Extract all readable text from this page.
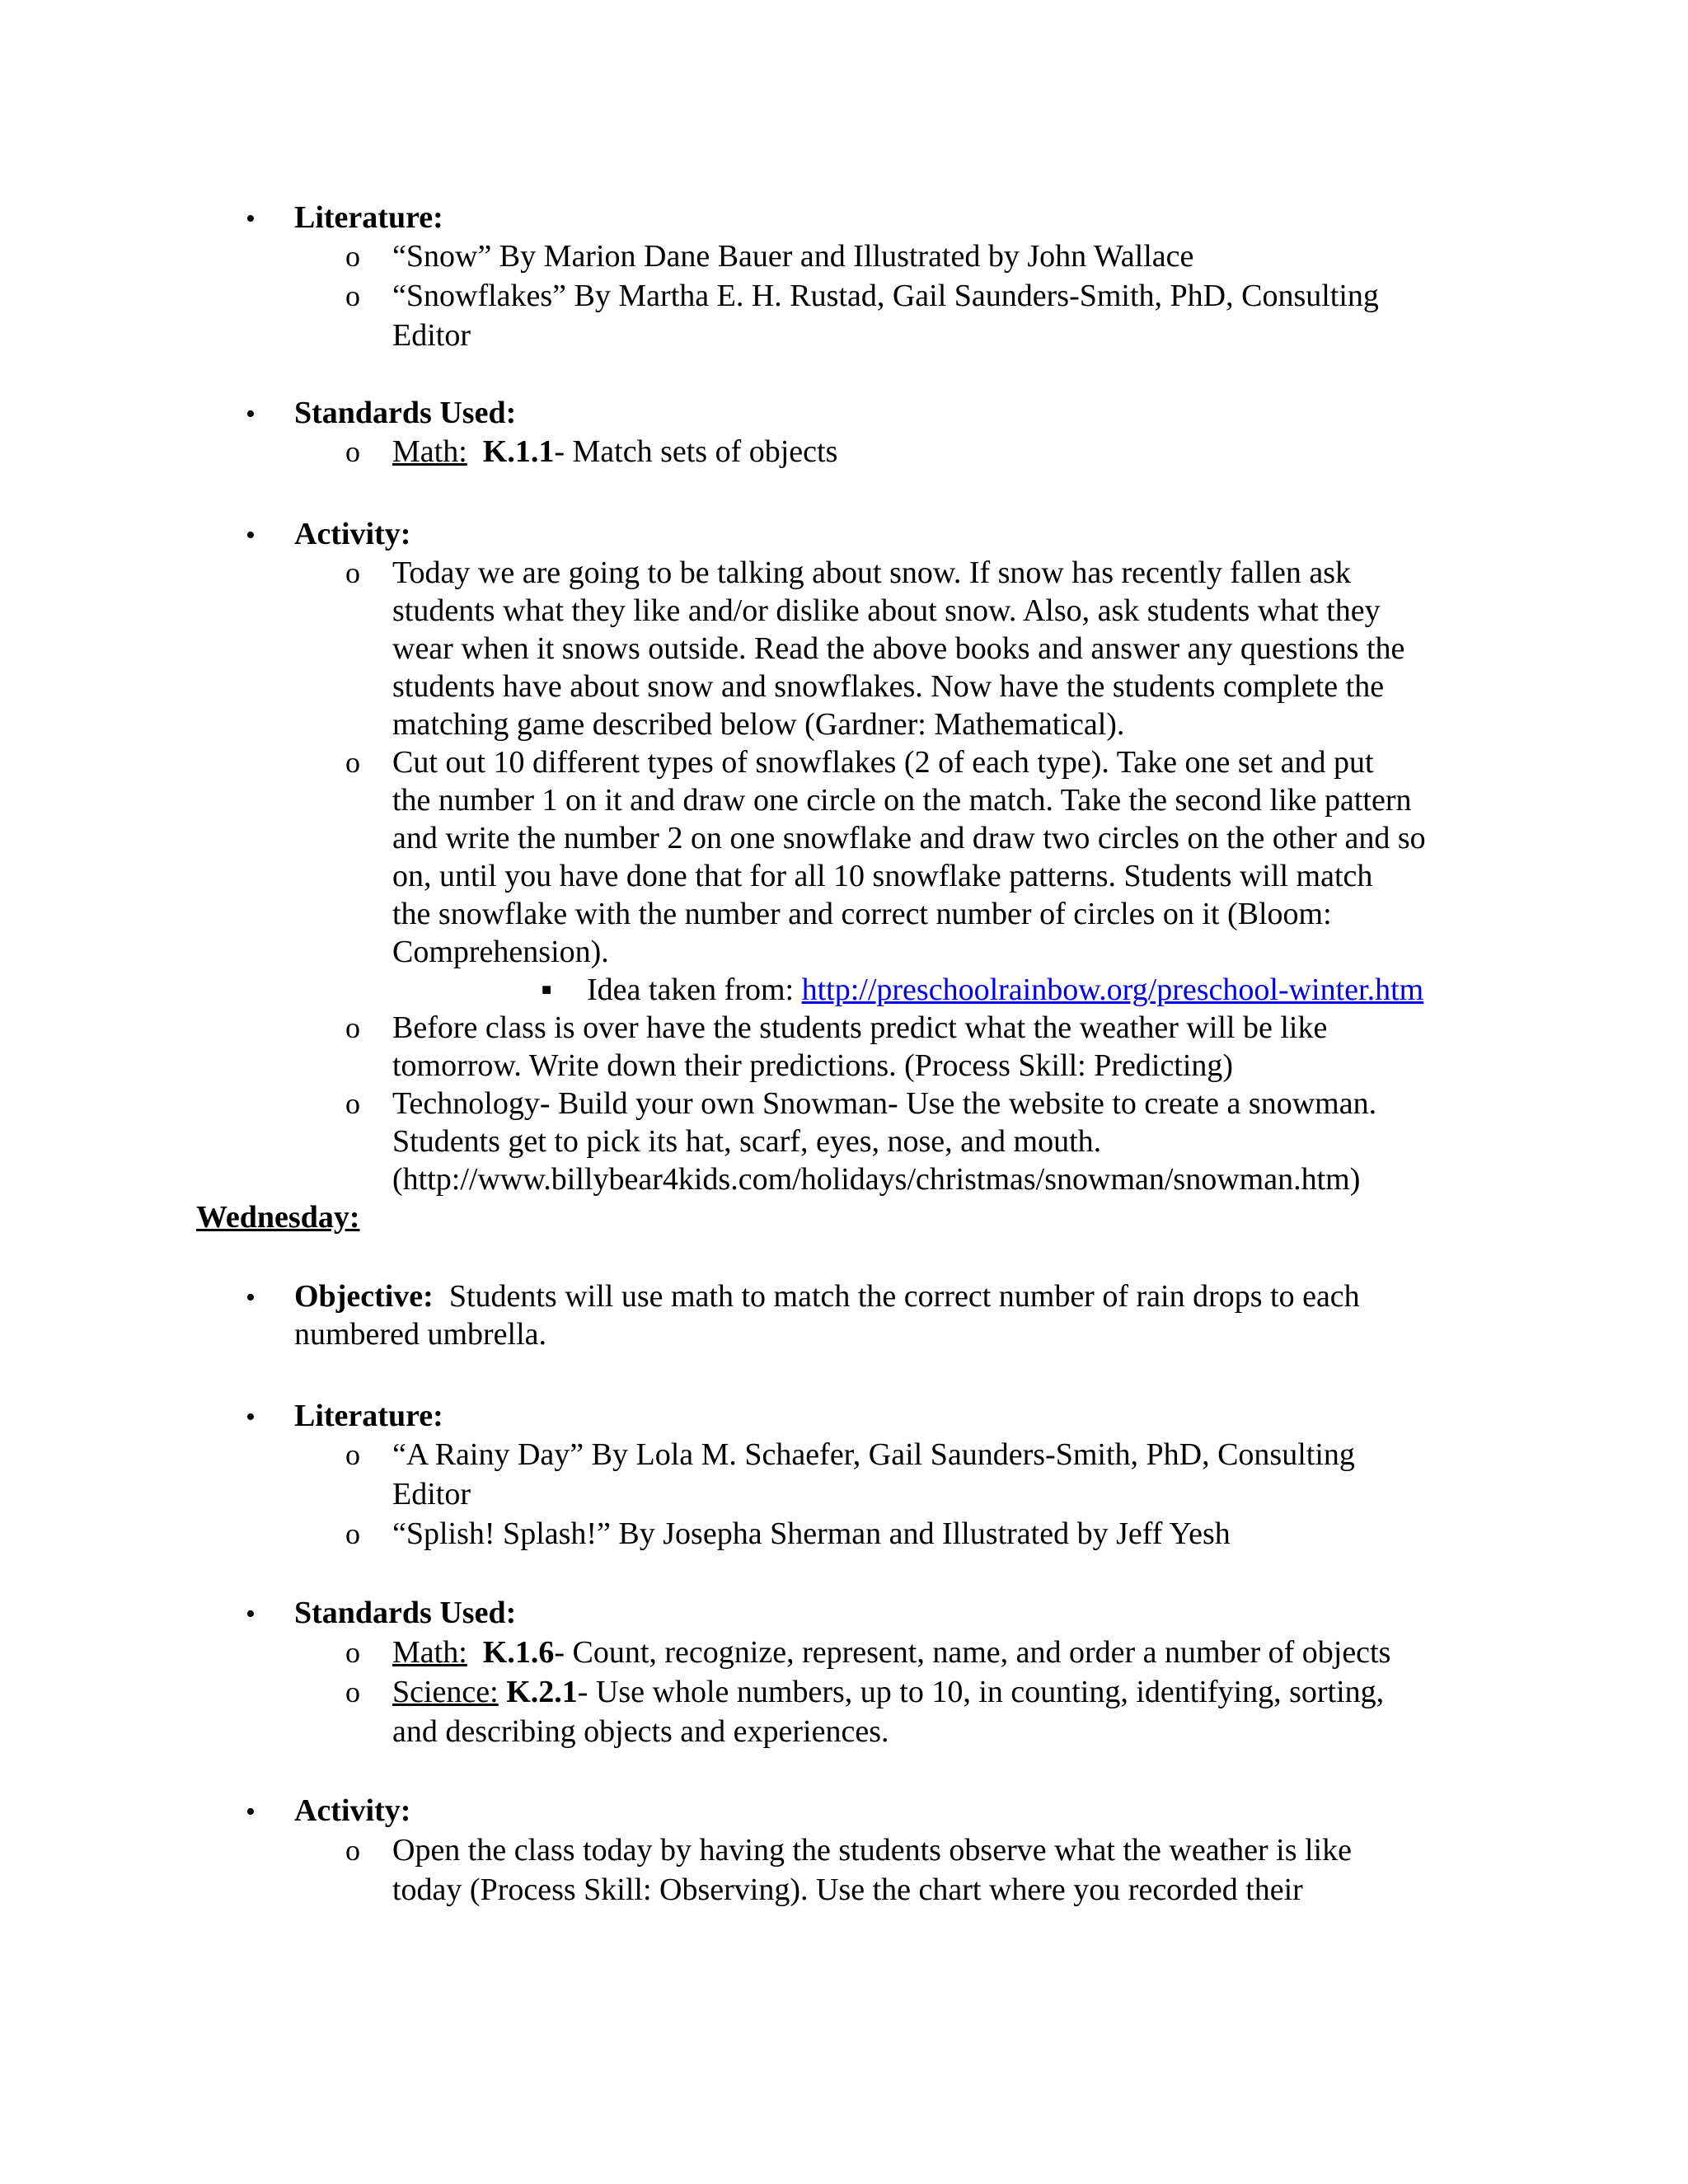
• Literature:
o “Snow” By Marion Dane Bauer and Illustrated by John Wallace
o “Snowflakes” By Martha E. H. Rustad, Gail Saunders-Smith, PhD, Consulting
Editor
• Standards Used:
o Math: K.1.1- Match sets of objects
• Activity:
o Today we are going to be talking about snow. If snow has recently fallen ask
students what they like and/or dislike about snow. Also, ask students what they
wear when it snows outside. Read the above books and answer any questions the
students have about snow and snowflakes. Now have the students complete the
matching game described below (Gardner: Mathematical).
o Cut out 10 different types of snowflakes (2 of each type). Take one set and put
the number 1 on it and draw one circle on the match. Take the second like pattern
and write the number 2 on one snowflake and draw two circles on the other and so
on, until you have done that for all 10 snowflake patterns. Students will match
the snowflake with the number and correct number of circles on it (Bloom:
Comprehension).
■ Idea taken from: http://preschoolrainbow.org/preschool-winter.htm
o Before class is over have the students predict what the weather will be like
tomorrow. Write down their predictions. (Process Skill: Predicting)
o Technology- Build your own Snowman- Use the website to create a snowman.
Students get to pick its hat, scarf, eyes, nose, and mouth.
(http://www.billybear4kids.com/holidays/christmas/snowman/snowman.htm)
Wednesday:
• Objective:  Students will use math to match the correct number of rain drops to each
numbered umbrella.
• Literature:
o “A Rainy Day” By Lola M. Schaefer, Gail Saunders-Smith, PhD, Consulting
Editor
o “Splish! Splash!” By Josepha Sherman and Illustrated by Jeff Yesh
• Standards Used:
o Math: K.1.6- Count, recognize, represent, name, and order a number of objects
o Science: K.2.1- Use whole numbers, up to 10, in counting, identifying, sorting,
and describing objects and experiences.
• Activity:
o Open the class today by having the students observe what the weather is like
today (Process Skill: Observing). Use the chart where you recorded their
